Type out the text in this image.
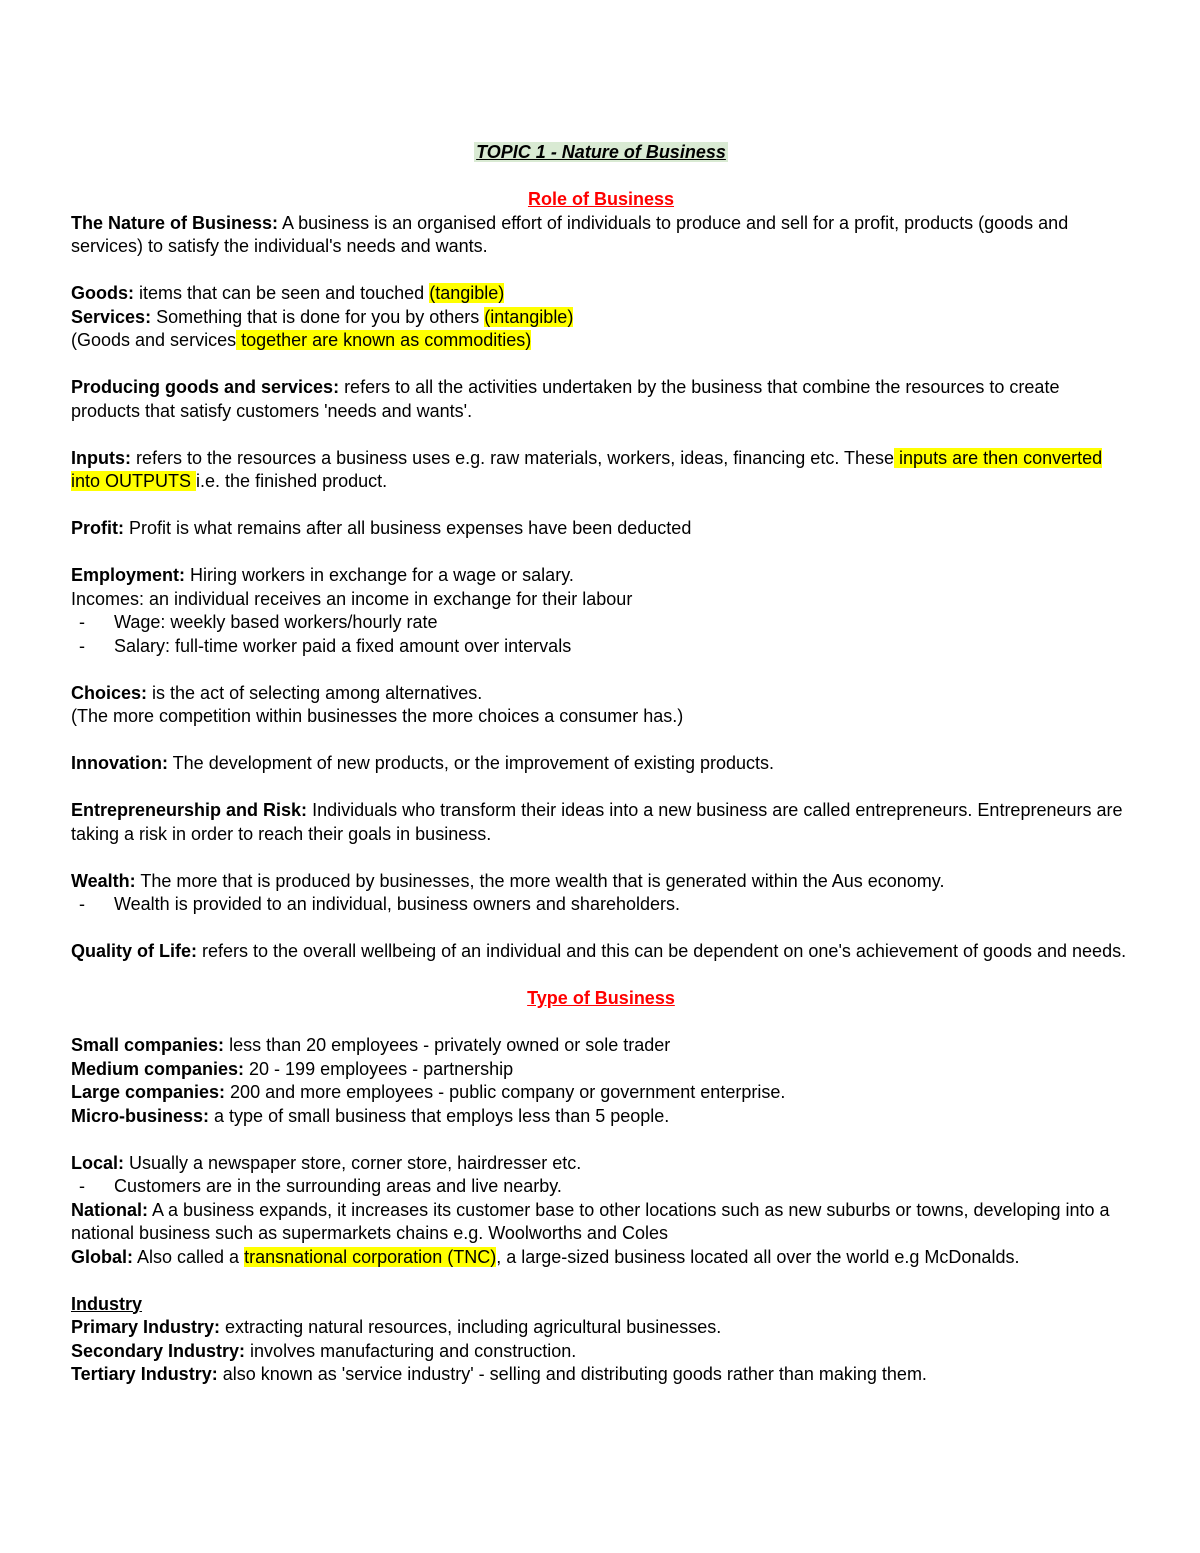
TOPIC 1 - Nature of Business
Role of Business

The Nature of Business: A business is an organised effort of individuals to produce and sell for a profit, products (goods and services) to satisfy the individual's needs and wants.

Goods: items that can be seen and touched (tangible)

Services: Something that is done for you by others (intangible)

(Goods and services together are known as commodities)

Producing goods and services: refers to all the activities undertaken by the business that combine the resources to create products that satisfy customers 'needs and wants'.

Inputs: refers to the resources a business uses e.g. raw materials, workers, ideas, financing etc. These inputs are then converted into OUTPUTS i.e. the finished product.

Profit: Profit is what remains after all business expenses have been deducted

Employment: Hiring workers in exchange for a wage or salary.

Incomes: an individual receives an income in exchange for their labour

- Wage: weekly based workers/hourly rate

- Salary: full-time worker paid a fixed amount over intervals

Choices: is the act of selecting among alternatives.

(The more competition within businesses the more choices a consumer has.)

Innovation: The development of new products, or the improvement of existing products.

Entrepreneurship and Risk: Individuals who transform their ideas into a new business are called entrepreneurs. Entrepreneurs are taking a risk in order to reach their goals in business.

Wealth: The more that is produced by businesses, the more wealth that is generated within the Aus economy.

- Wealth is provided to an individual, business owners and shareholders.

Quality of Life: refers to the overall wellbeing of an individual and this can be dependent on one's achievement of goods and needs.

Type of Business

Small companies: less than 20 employees - privately owned or sole trader

Medium companies: 20 - 199 employees - partnership

Large companies: 200 and more employees - public company or government enterprise.

Micro-business: a type of small business that employs less than 5 people.

Local: Usually a newspaper store, corner store, hairdresser etc.

- Customers are in the surrounding areas and live nearby.

National: A a business expands, it increases its customer base to other locations such as new suburbs or towns, developing into a national business such as supermarkets chains e.g. Woolworths and Coles

Global: Also called a transnational corporation (TNC), a large-sized business located all over the world e.g McDonalds.

Industry

Primary Industry: extracting natural resources, including agricultural businesses.

Secondary Industry: involves manufacturing and construction.

Tertiary Industry: also known as 'service industry' - selling and distributing goods rather than making them.
